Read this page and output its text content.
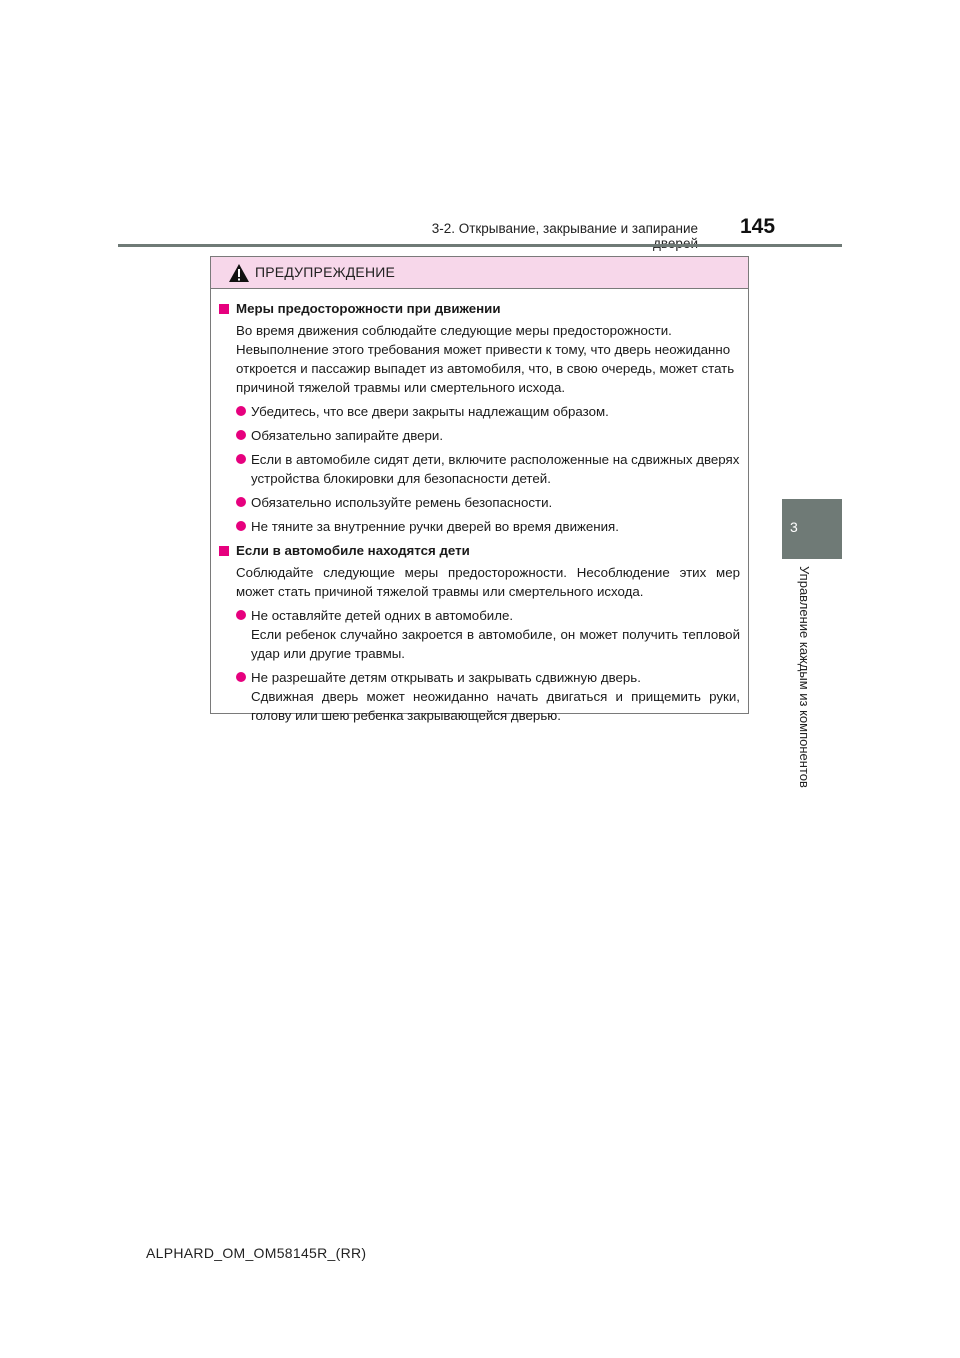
3-2. Открывание, закрывание и запирание 145
3
Управление каждым из компонентов
ПРЕДУПРЕЖДЕНИЕ
Меры предосторожности при движении
Во время движения соблюдайте следующие меры предосторожности.
Невыполнение этого требования может привести к тому, что дверь неожиданно откроется и пассажир выпадет из автомобиля, что, в свою очередь, может стать причиной тяжелой травмы или смертельного исхода.
Убедитесь, что все двери закрыты надлежащим образом.
Обязательно запирайте двери.
Если в автомобиле сидят дети, включите расположенные на сдвижных дверях устройства блокировки для безопасности детей.
Обязательно используйте ремень безопасности.
Не тяните за внутренние ручки дверей во время движения.
Если в автомобиле находятся дети
Соблюдайте следующие меры предосторожности. Несоблюдение этих мер может стать причиной тяжелой травмы или смертельного исхода.
Не оставляйте детей одних в автомобиле.
Если ребенок случайно закроется в автомобиле, он может получить тепловой удар или другие травмы.
Не разрешайте детям открывать и закрывать сдвижную дверь.
Сдвижная дверь может неожиданно начать двигаться и прищемить руки, голову или шею ребенка закрывающейся дверью.
ALPHARD_OM_OM58145R_(RR)
